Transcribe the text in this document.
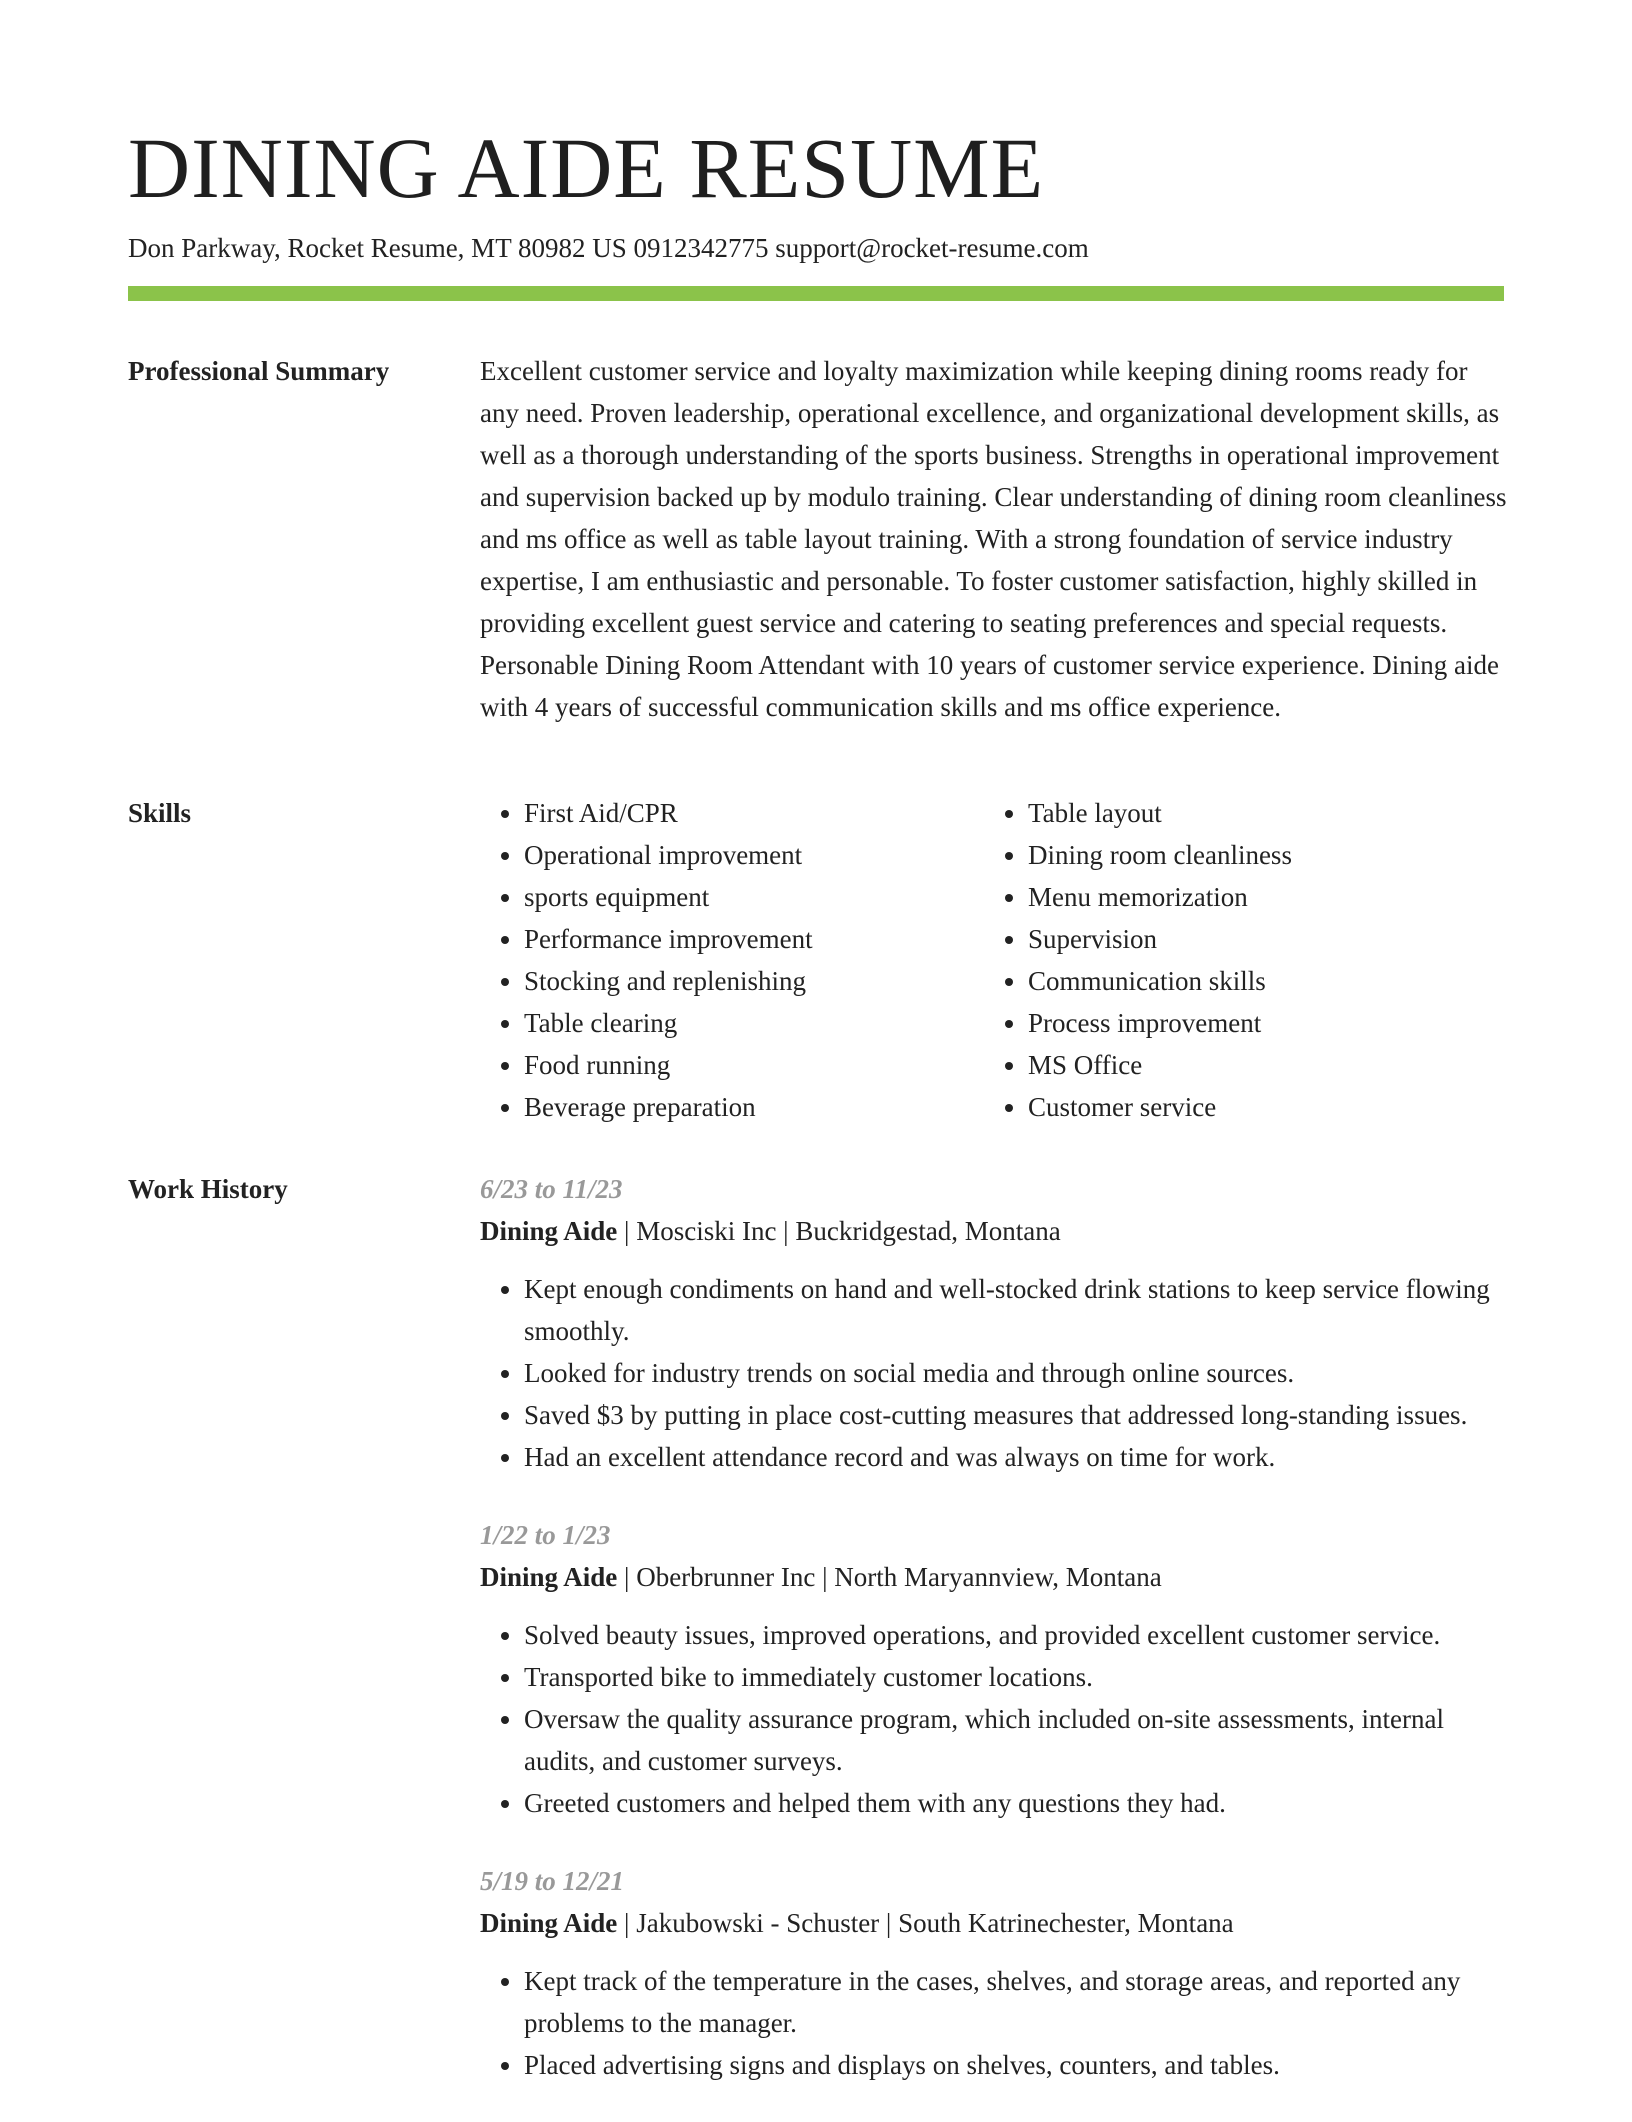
DINING AIDE RESUME
Don Parkway, Rocket Resume, MT 80982 US 0912342775 support@rocket-resume.com
Professional Summary	Excellent customer service and loyalty maximization while keeping dining rooms ready for any need. Proven leadership, operational excellence, and organizational development skills, as well as a thorough understanding of the sports business. Strengths in operational improvement and supervision backed up by modulo training. Clear understanding of dining room cleanliness and ms office as well as table layout training. With a strong foundation of service industry expertise, I am enthusiastic and personable. To foster customer satisfaction, highly skilled in providing excellent guest service and catering to seating preferences and special requests. Personable Dining Room Attendant with 10 years of customer service experience. Dining aide with 4 years of successful communication skills and ms office experience.
Skills
•	First Aid/CPR
• Operational improvement
• sports equipment
• Performance improvement
• Stocking and replenishing
• Table clearing
• Food running
• Beverage preparation
• Table layout
• Dining room cleanliness
• Menu memorization
• Supervision
• Communication skills
• Process improvement
• MS Office
• Customer service
Work History	6/23 to 11/23
Dining Aide | Mosciski Inc | Buckridgestad, Montana
• Kept enough condiments on hand and well-stocked drink stations to keep service flowing smoothly.
• Looked for industry trends on social media and through online sources.
• Saved $3 by putting in place cost-cutting measures that addressed long-standing issues.
• Had an excellent attendance record and was always on time for work.
1/22 to 1/23
Dining Aide | Oberbrunner Inc | North Maryannview, Montana
• Solved beauty issues, improved operations, and provided excellent customer service.
• Transported bike to immediately customer locations.
• Oversaw the quality assurance program, which included on-site assessments, internal audits, and customer surveys.
• Greeted customers and helped them with any questions they had.
5/19 to 12/21
Dining Aide | Jakubowski - Schuster | South Katrinechester, Montana
• Kept track of the temperature in the cases, shelves, and storage areas, and reported any problems to the manager.
• Placed advertising signs and displays on shelves, counters, and tables.
